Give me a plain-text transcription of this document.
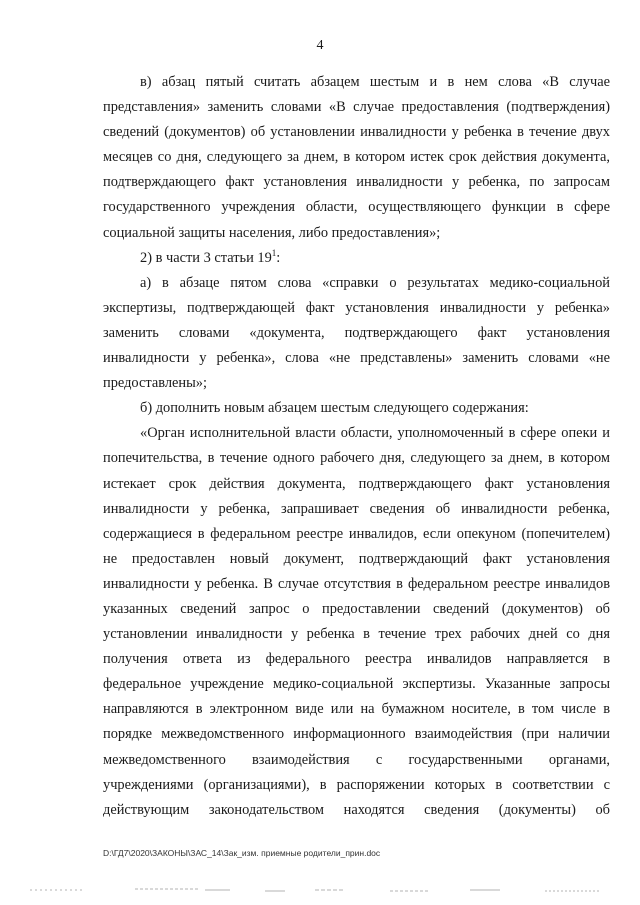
4

в) абзац пятый считать абзацем шестым и в нем слова «В случае представления» заменить словами «В случае предоставления (подтверждения) сведений (документов) об установлении инвалидности у ребенка в течение двух месяцев со дня, следующего за днем, в котором истек срок действия документа, подтверждающего факт установления инвалидности у ребенка, по запросам государственного учреждения области, осуществляющего функции в сфере социальной защиты населения, либо предоставления»;

2) в части 3 статьи $19^1$:

а) в абзаце пятом слова «справки о результатах медико-социальной экспертизы, подтверждающей факт установления инвалидности у ребенка» заменить словами «документа, подтверждающего факт установления инвалидности у ребенка», слова «не представлены» заменить словами «не предоставлены»;

б) дополнить новым абзацем шестым следующего содержания:

«Орган исполнительной власти области, уполномоченный в сфере опеки и попечительства, в течение одного рабочего дня, следующего за днем, в котором истекает срок действия документа, подтверждающего факт установления инвалидности у ребенка, запрашивает сведения об инвалидности ребенка, содержащиеся в федеральном реестре инвалидов, если опекуном (попечителем) не предоставлен новый документ, подтверждающий факт установления инвалидности у ребенка. В случае отсутствия в федеральном реестре инвалидов указанных сведений запрос о предоставлении сведений (документов) об установлении инвалидности у ребенка в течение трех рабочих дней со дня получения ответа из федерального реестра инвалидов направляется в федеральное учреждение медико-социальной экспертизы. Указанные запросы направляются в электронном виде или на бумажном носителе, в том числе в порядке межведомственного информационного взаимодействия (при наличии межведомственного взаимодействия с государственными органами, учреждениями (организациями), в распоряжении которых в соответствии с действующим законодательством находятся сведения (документы) об

D:\ГД7\2020\ЗАКОНЫ\ЗАС_14\Зак_изм. приемные родители_прин.doc
